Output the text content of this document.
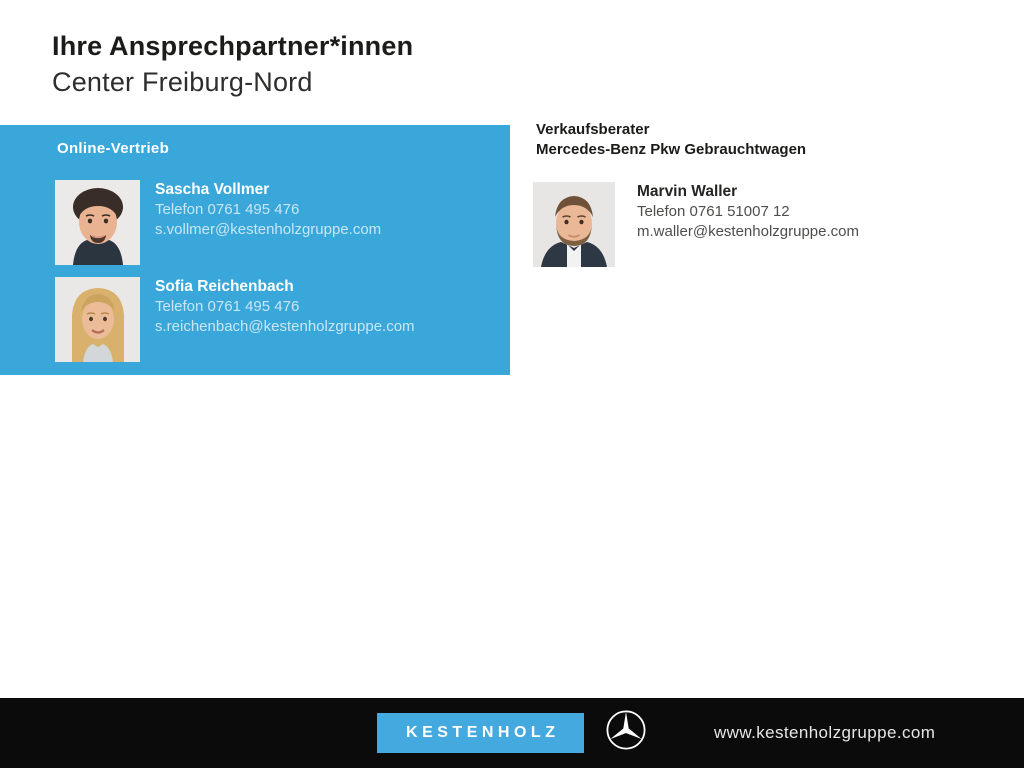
Ihre Ansprechpartner*innen
Center Freiburg-Nord
Online-Vertrieb
Sascha Vollmer
Telefon 0761 495 476
s.vollmer@kestenholzgruppe.com
Sofia Reichenbach
Telefon 0761 495 476
s.reichenbach@kestenholzgruppe.com
Verkaufsberater
Mercedes-Benz Pkw Gebrauchtwagen
Marvin Waller
Telefon 0761 51007 12
m.waller@kestenholzgruppe.com
KESTENHOLZ	www.kestenholzgruppe.com
